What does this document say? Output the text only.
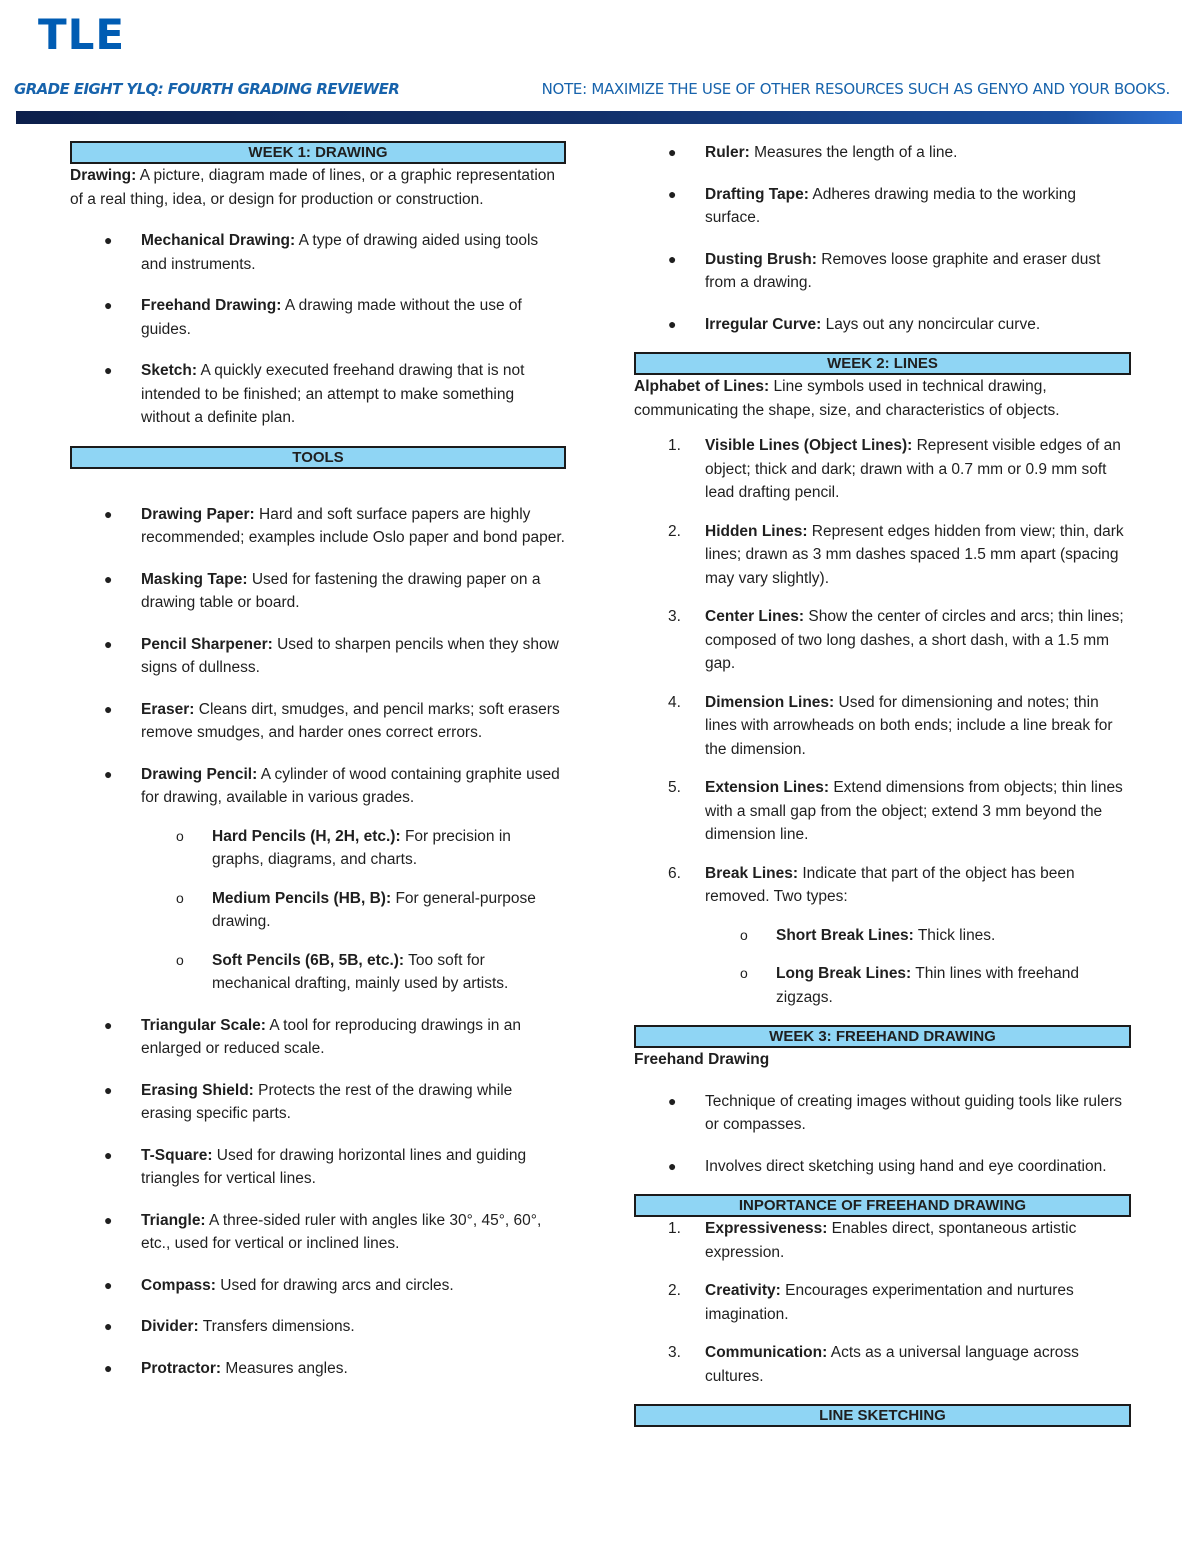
TLE
GRADE EIGHT YLQ: FOURTH GRADING REVIEWER	NOTE: MAXIMIZE THE USE OF OTHER RESOURCES SUCH AS GENYO AND YOUR BOOKS.
WEEK 1: DRAWING

Drawing: A picture, diagram made of lines, or a graphic representation of a real thing, idea, or design for production or construction.

● Mechanical Drawing: A type of drawing aided using tools and instruments.
● Freehand Drawing: A drawing made without the use of guides.
● Sketch: A quickly executed freehand drawing that is not intended to be finished; an attempt to make something without a definite plan.
TOOLS
● Drawing Paper: Hard and soft surface papers are highly recommended; examples include Oslo paper and bond paper.
● Masking Tape: Used for fastening the drawing paper on a drawing table or board.
● Pencil Sharpener: Used to sharpen pencils when they show signs of dullness.
● Eraser: Cleans dirt, smudges, and pencil marks; soft erasers remove smudges, and harder ones correct errors.
● Drawing Pencil: A cylinder of wood containing graphite used for drawing, available in various grades.
o Hard Pencils (H, 2H, etc.): For precision in graphs, diagrams, and charts.
o Medium Pencils (HB, B): For general-purpose drawing.
o Soft Pencils (6B, 5B, etc.): Too soft for mechanical drafting, mainly used by artists.
● Triangular Scale: A tool for reproducing drawings in an enlarged or reduced scale.
● Erasing Shield: Protects the rest of the drawing while erasing specific parts.
● T-Square: Used for drawing horizontal lines and guiding triangles for vertical lines.
● Triangle: A three-sided ruler with angles like 30°, 45°, 60°, etc., used for vertical or inclined lines.
● Compass: Used for drawing arcs and circles.
● Divider: Transfers dimensions.
● Protractor: Measures angles.
● Ruler: Measures the length of a line.
● Drafting Tape: Adheres drawing media to the working surface.
● Dusting Brush: Removes loose graphite and eraser dust from a drawing.
● Irregular Curve: Lays out any noncircular curve.
WEEK 2: LINES

Alphabet of Lines: Line symbols used in technical drawing, communicating the shape, size, and characteristics of objects.

1. Visible Lines (Object Lines): Represent visible edges of an object; thick and dark; drawn with a 0.7 mm or 0.9 mm soft lead drafting pencil.
2. Hidden Lines: Represent edges hidden from view; thin, dark lines; drawn as 3 mm dashes spaced 1.5 mm apart (spacing may vary slightly).
3. Center Lines: Show the center of circles and arcs; thin lines; composed of two long dashes, a short dash, with a 1.5 mm gap.
4. Dimension Lines: Used for dimensioning and notes; thin lines with arrowheads on both ends; include a line break for the dimension.
5. Extension Lines: Extend dimensions from objects; thin lines with a small gap from the object; extend 3 mm beyond the dimension line.
6. Break Lines: Indicate that part of the object has been removed. Two types:
o Short Break Lines: Thick lines.
o Long Break Lines: Thin lines with freehand zigzags.
WEEK 3: FREEHAND DRAWING

Freehand Drawing

● Technique of creating images without guiding tools like rulers or compasses.
● Involves direct sketching using hand and eye coordination.
INPORTANCE OF FREEHAND DRAWING
1. Expressiveness: Enables direct, spontaneous artistic expression.
2. Creativity: Encourages experimentation and nurtures imagination.
3. Communication: Acts as a universal language across cultures.
LINE SKETCHING
